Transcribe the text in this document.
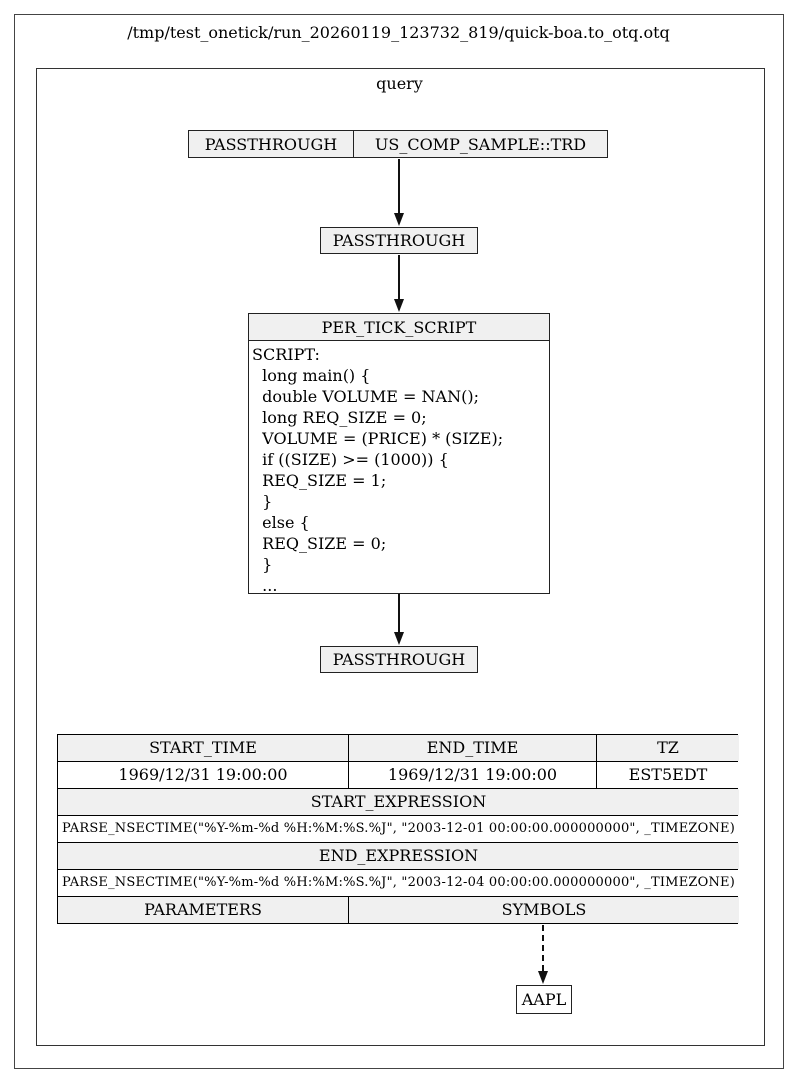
/tmp/test_onetick/run_20260119_123732_819/quick-boa.to_otq.otq
query
PASSTHROUGH	US_COMP_SAMPLE::TRD
PASSTHROUGH
PER_TICK_SCRIPT
SCRIPT:
long main() {
double VOLUME = NAN();
long REQ_SIZE = 0;
VOLUME = (PRICE) * (SIZE);
if ((SIZE) >= (1000)) {
REQ_SIZE = 1;
}
else {
REQ_SIZE = 0;
}
...
PASSTHROUGH
START_TIME	END_TIME	TZ
1969/12/31 19:00:00	1969/12/31 19:00:00	EST5EDT
START_EXPRESSION
PARSE_NSECTIME("%Y-%m-%d %H:%M:%S.%J", "2003-12-01 00:00:00.000000000", _TIMEZONE)
END_EXPRESSION
PARSE_NSECTIME("%Y-%m-%d %H:%M:%S.%J", "2003-12-04 00:00:00.000000000", _TIMEZONE)
PARAMETERS	SYMBOLS
AAPL
